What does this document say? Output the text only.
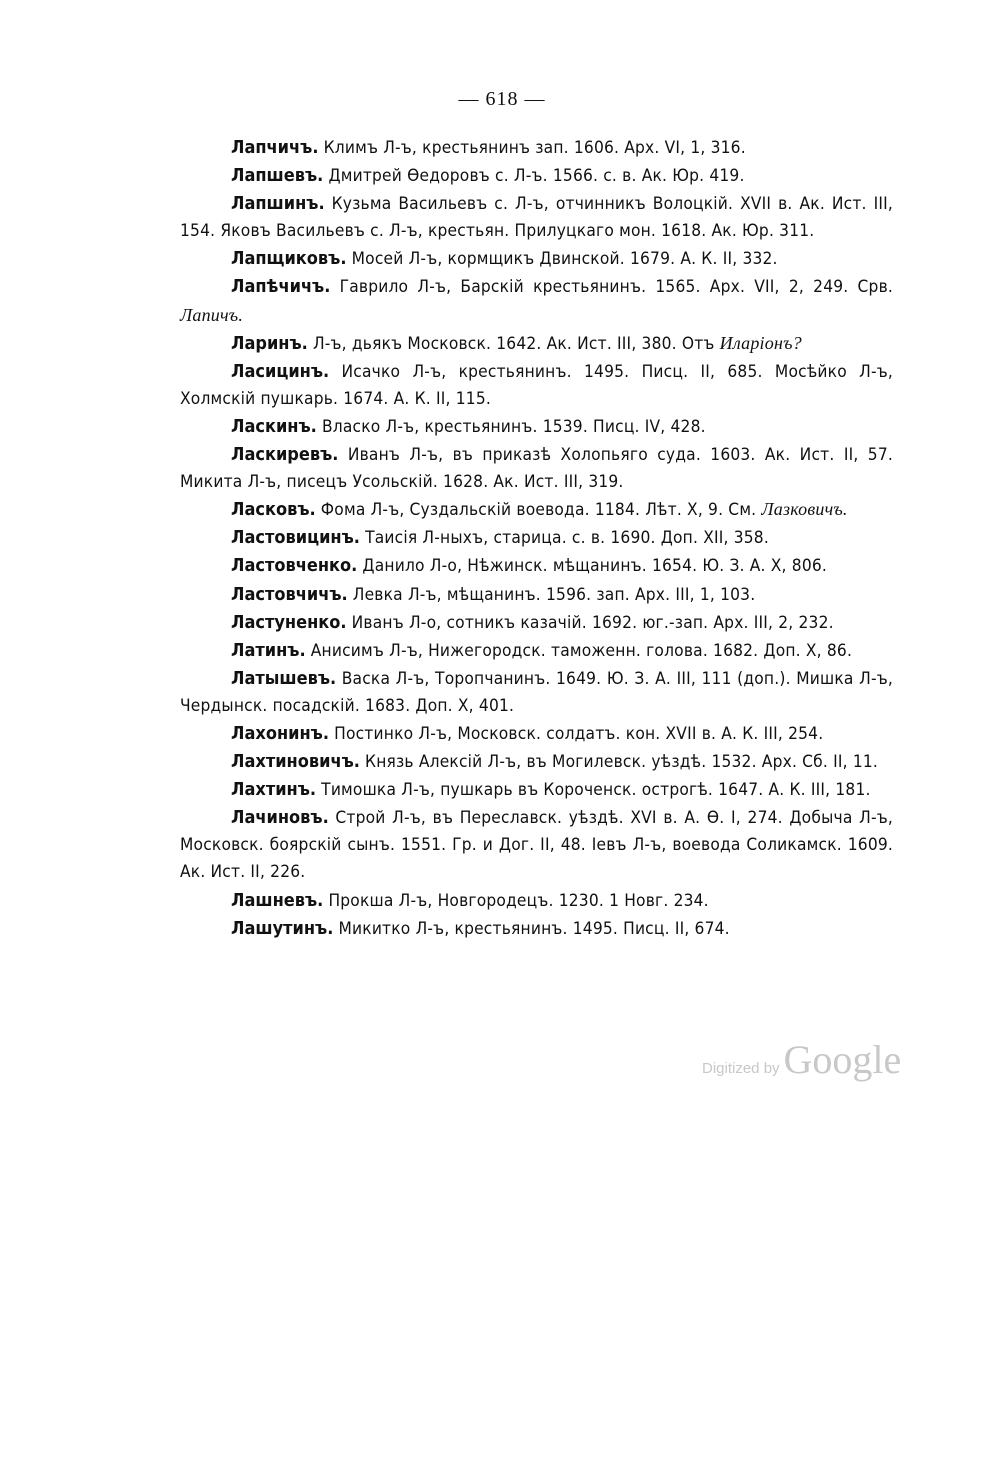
— 618 —

Лапчичъ. Климъ Л-ъ, крестьянинъ зап. 1606. Арх. VI, 1, 316.

Лапшевъ. Дмитрей Ѳедоровъ с. Л-ъ. 1566. с. в. Ак. Юр. 419.

Лапшинъ. Кузьма Васильевъ с. Л-ъ, отчинникъ Волоцкій. XVII в. Ак. Ист. III, 154. Яковъ Васильевъ с. Л-ъ, крестьян. Прилуцкаго мон. 1618. Ак. Юр. 311.

Лапщиковъ. Мосей Л-ъ, кормщикъ Двинской. 1679. А. К. II, 332.

Лапѣчичъ. Гаврило Л-ъ, Барскій крестьянинъ. 1565. Арх. VII, 2, 249. Срв. Лапичъ.

Ларинъ. Л-ъ, дьякъ Московск. 1642. Ак. Ист. III, 380. Отъ Иларіонъ?

Ласицинъ. Исачко Л-ъ, крестьянинъ. 1495. Писц. II, 685. Мосѣйко Л-ъ, Холмскій пушкарь. 1674. А. К. II, 115.

Ласкинъ. Власко Л-ъ, крестьянинъ. 1539. Писц. IV, 428.

Ласкиревъ. Иванъ Л-ъ, въ приказѣ Холопьяго суда. 1603. Ак. Ист. II, 57. Микита Л-ъ, писецъ Усольскій. 1628. Ак. Ист. III, 319.

Ласковъ. Фома Л-ъ, Суздальскій воевода. 1184. Лѣт. X, 9. См. Лазковичъ.

Ластовицинъ. Таисія Л-ныхъ, старица. с. в. 1690. Доп. XII, 358.

Ластовченко. Данило Л-о, Нѣжинск. мѣщанинъ. 1654. Ю. З. А. X, 806.

Ластовчичъ. Левка Л-ъ, мѣщанинъ. 1596. зап. Арх. III, 1, 103.

Ластуненко. Иванъ Л-о, сотникъ казачій. 1692. юг.-зап. Арх. III, 2, 232.

Латинъ. Анисимъ Л-ъ, Нижегородск. таможенн. голова. 1682. Доп. X, 86.

Латышевъ. Васка Л-ъ, Торопчанинъ. 1649. Ю. З. А. III, 111 (доп.). Мишка Л-ъ, Чердынск. посадскій. 1683. Доп. X, 401.

Лахонинъ. Постинко Л-ъ, Московск. солдатъ. кон. XVII в. А. К. III, 254.

Лахтиновичъ. Князь Алексій Л-ъ, въ Могилевск. уѣздѣ. 1532. Арх. Сб. II, 11.

Лахтинъ. Тимошка Л-ъ, пушкарь въ Короченск. острогѣ. 1647. А. К. III, 181.

Лачиновъ. Строй Л-ъ, въ Переславск. уѣздѣ. XVI в. А. Ѳ. I, 274. Добыча Л-ъ, Московск. боярскій сынъ. 1551. Гр. и Дог. II, 48. Іевъ Л-ъ, воевода Соликамск. 1609. Ак. Ист. II, 226.

Лашневъ. Прокша Л-ъ, Новгородецъ. 1230. 1 Новг. 234.

Лашутинъ. Микитко Л-ъ, крестьянинъ. 1495. Писц. II, 674.

Digitized by Google
